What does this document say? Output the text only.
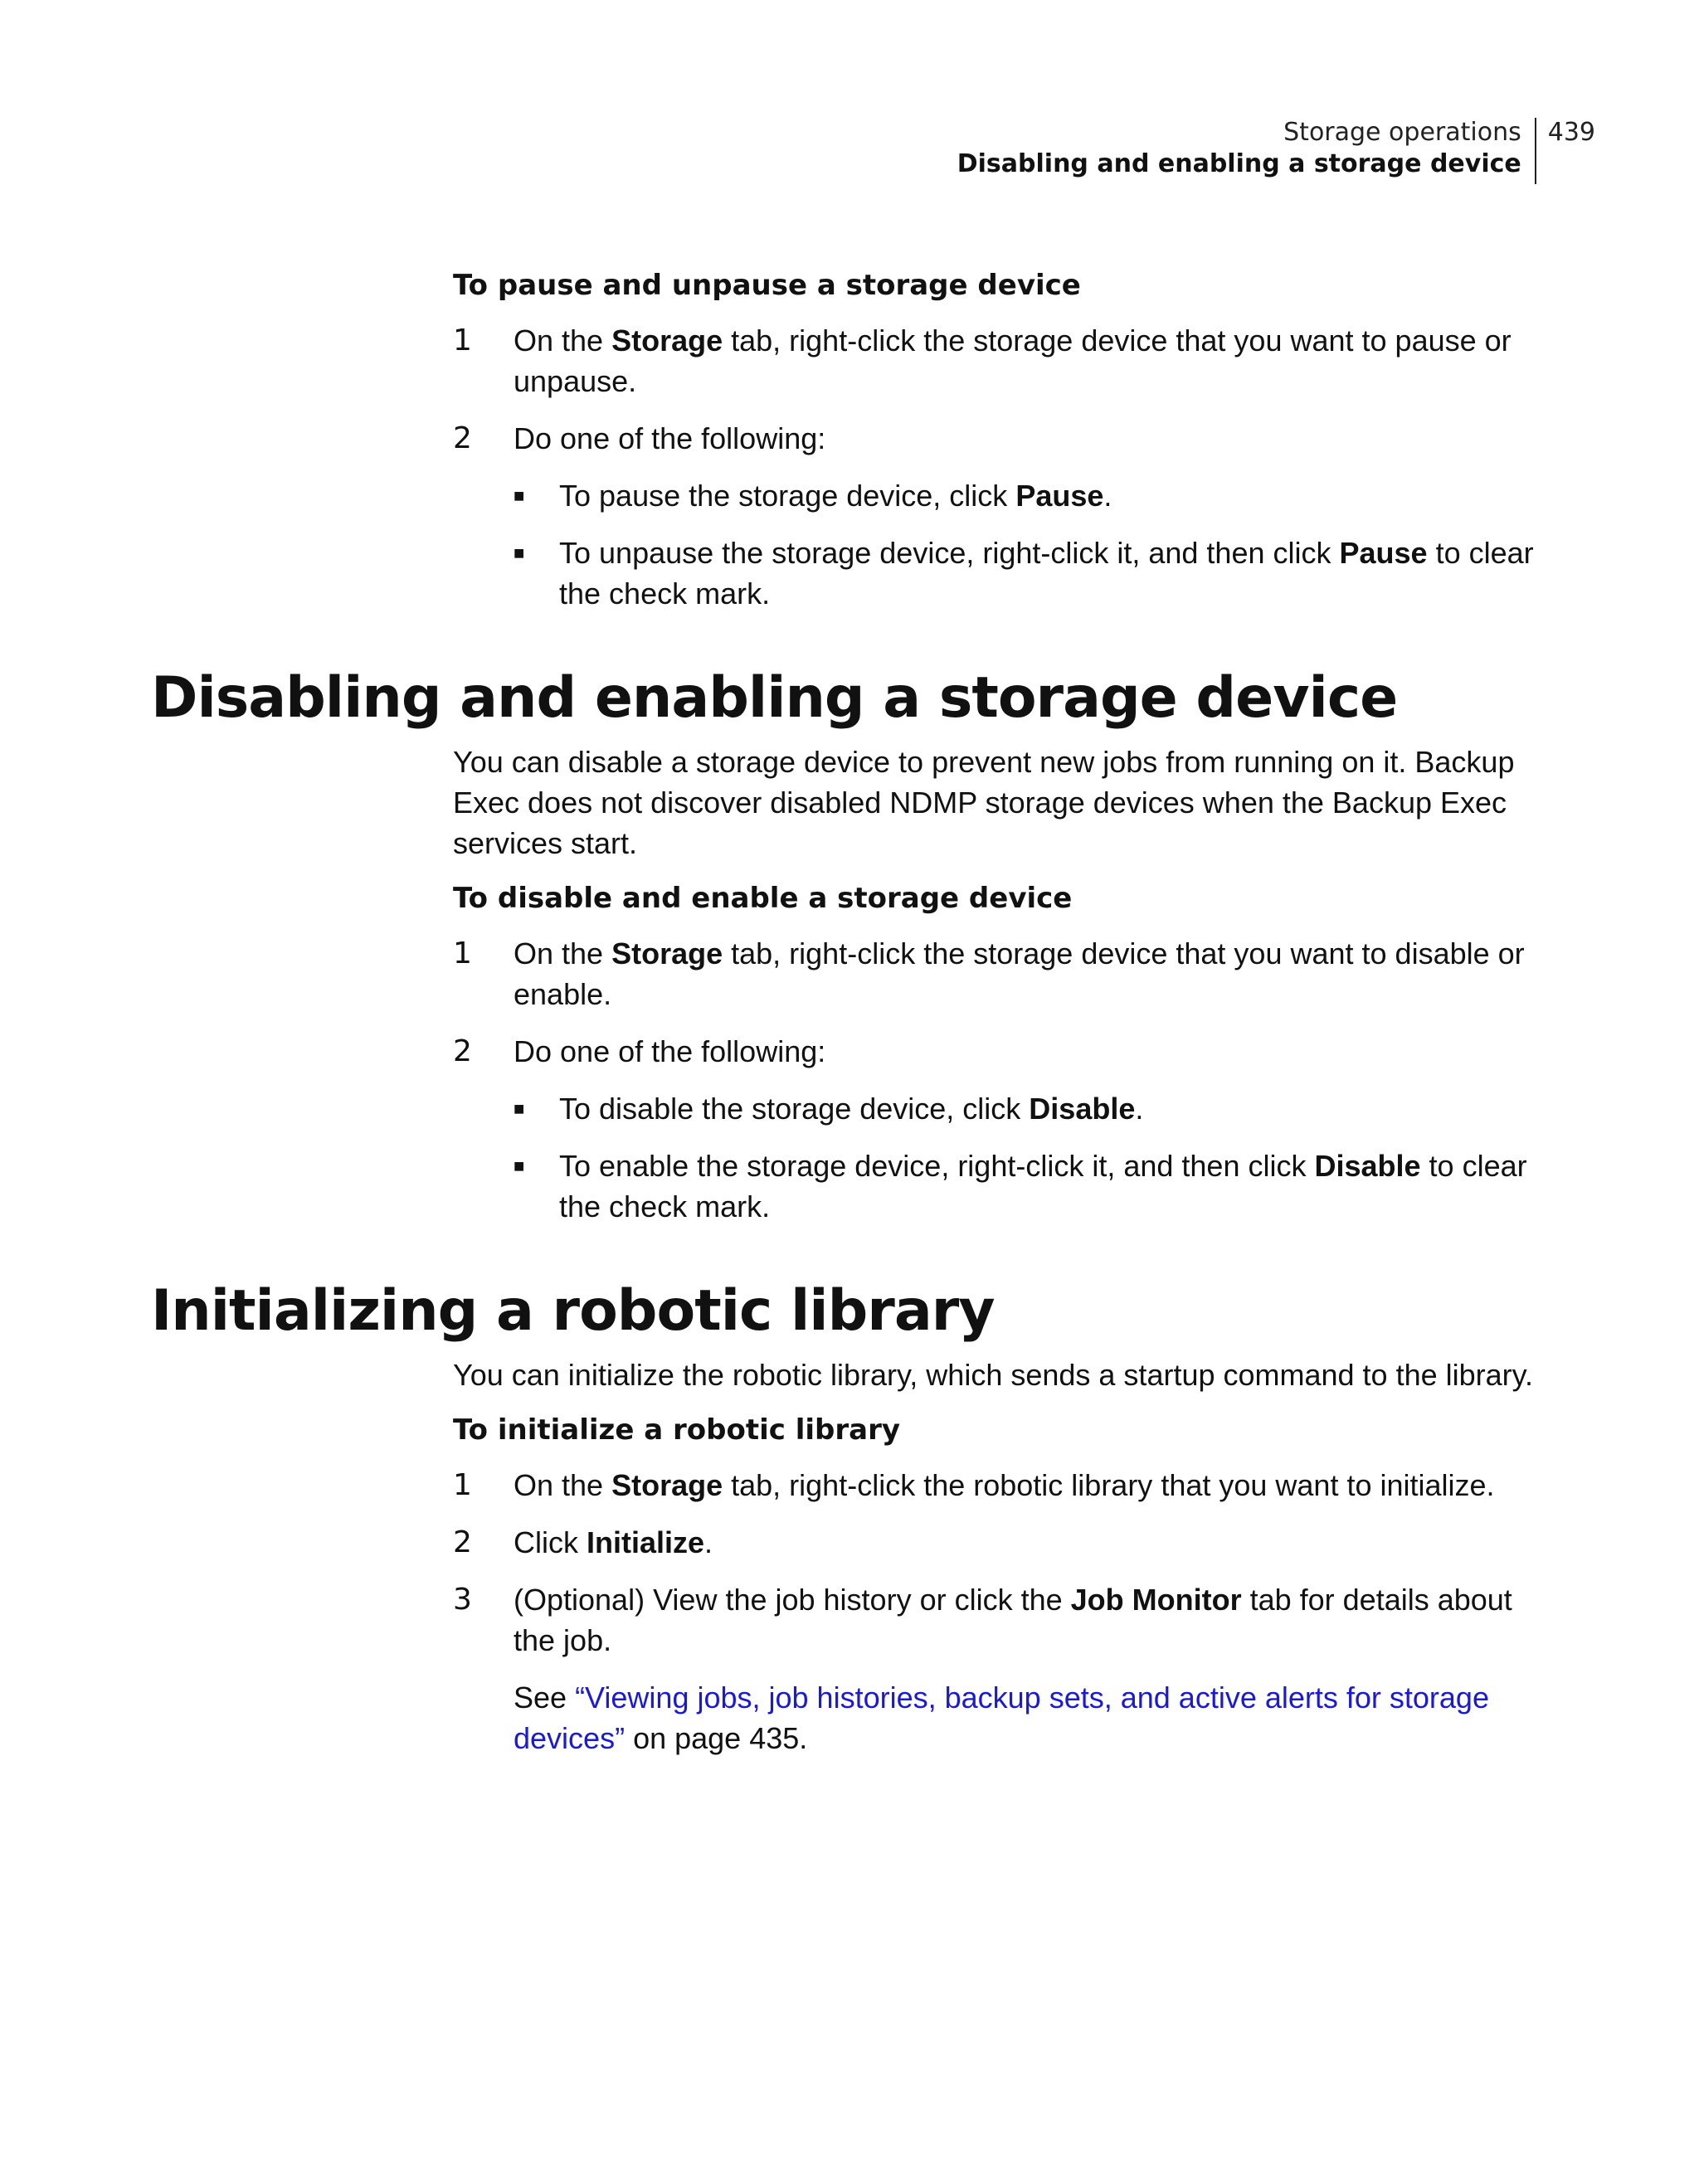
Storage operations
Disabling and enabling a storage device
439
To pause and unpause a storage device
1	On the Storage tab, right-click the storage device that you want to pause or unpause.
2	Do one of the following:
■	To pause the storage device, click Pause.
■	To unpause the storage device, right-click it, and then click Pause to clear the check mark.
Disabling and enabling a storage device

You can disable a storage device to prevent new jobs from running on it. Backup Exec does not discover disabled NDMP storage devices when the Backup Exec services start.

To disable and enable a storage device
1	On the Storage tab, right-click the storage device that you want to disable or enable.
2	Do one of the following:
■	To disable the storage device, click Disable.
■	To enable the storage device, right-click it, and then click Disable to clear the check mark.
Initializing a robotic library

You can initialize the robotic library, which sends a startup command to the library.

To initialize a robotic library
1	On the Storage tab, right-click the robotic library that you want to initialize.
2	Click Initialize.
3	(Optional) View the job history or click the Job Monitor tab for details about the job.
See “Viewing jobs, job histories, backup sets, and active alerts for storage devices” on page 435.
